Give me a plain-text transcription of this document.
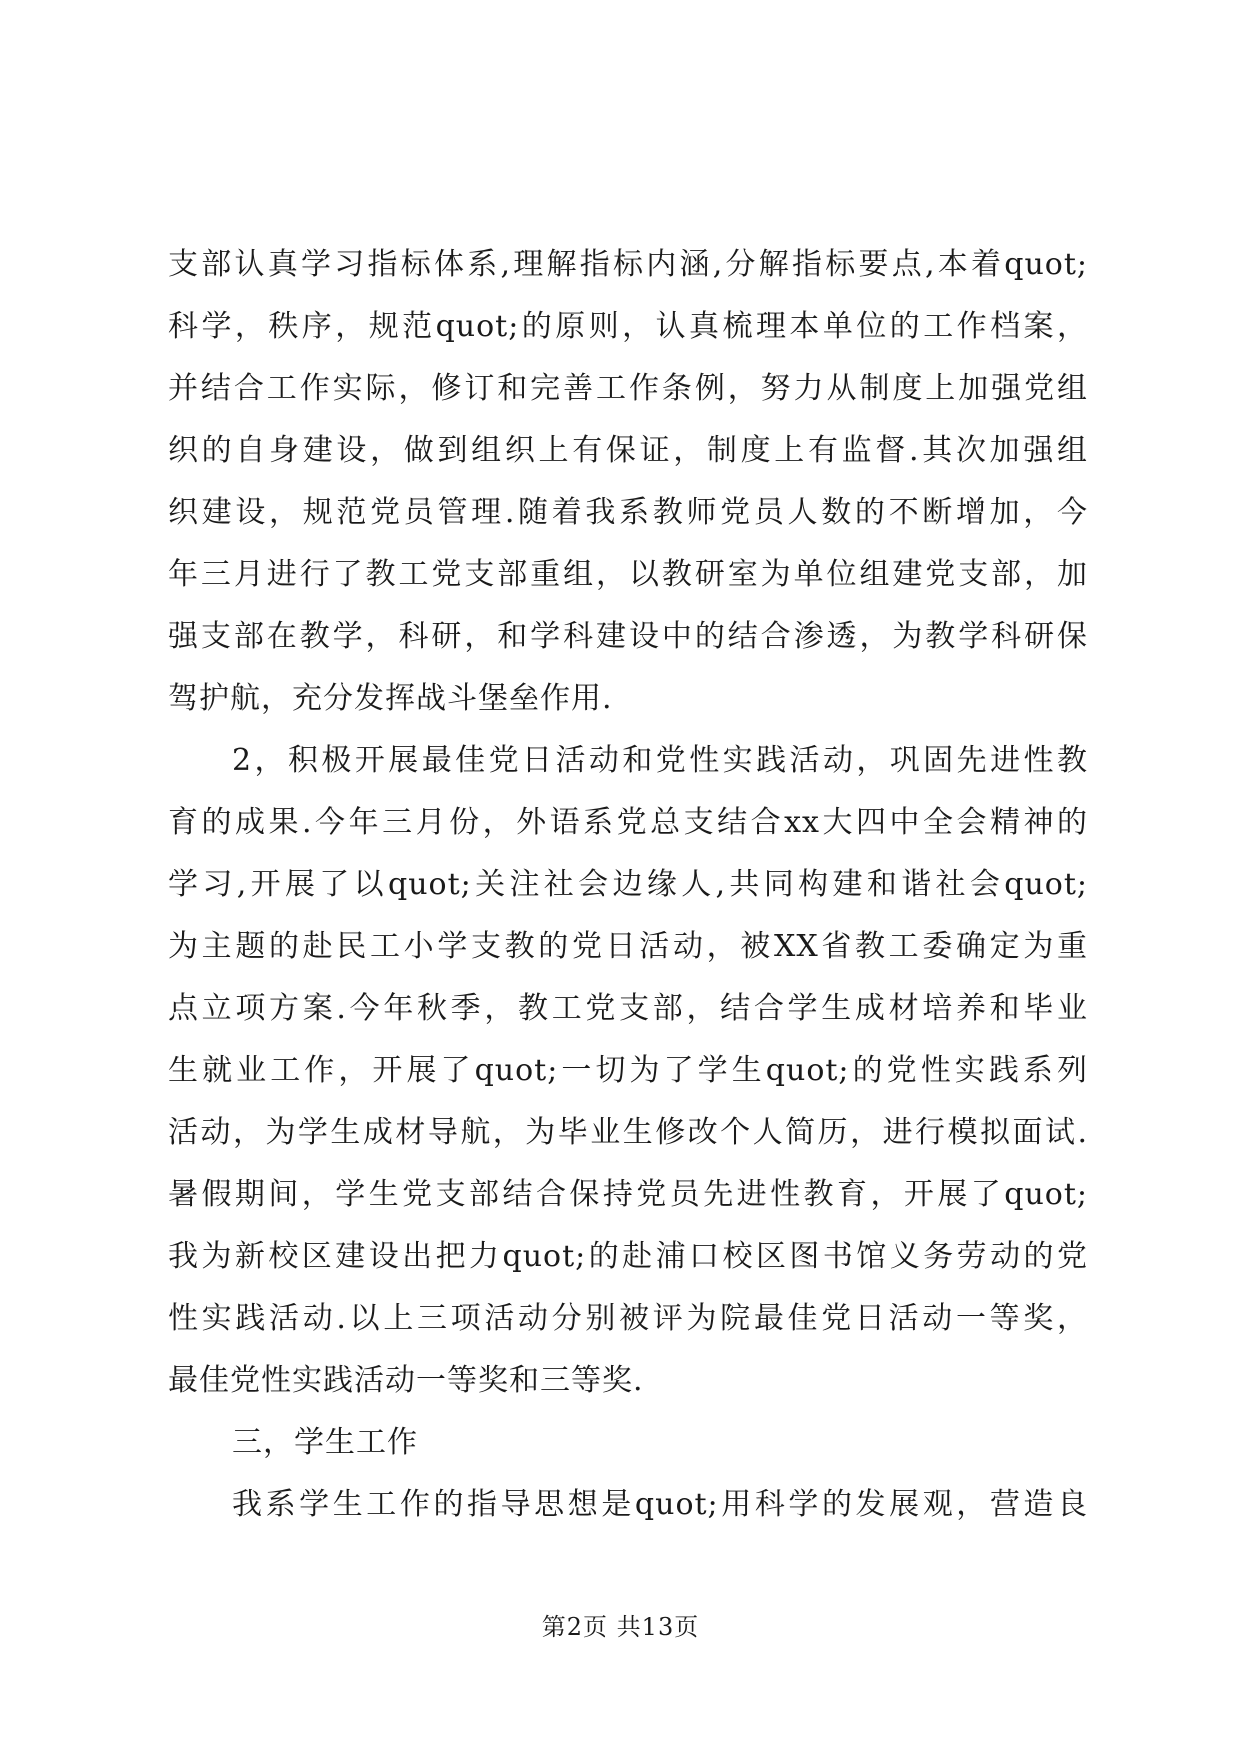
支部认真学习指标体系,理解指标内涵,分解指标要点,本着quot;
科学，秩序，规范quot;的原则，认真梳理本单位的工作档案，
并结合工作实际，修订和完善工作条例，努力从制度上加强党组
织的自身建设，做到组织上有保证，制度上有监督.其次加强组
织建设，规范党员管理.随着我系教师党员人数的不断增加，今
年三月进行了教工党支部重组，以教研室为单位组建党支部，加
强支部在教学，科研，和学科建设中的结合渗透，为教学科研保
驾护航，充分发挥战斗堡垒作用.
2，积极开展最佳党日活动和党性实践活动，巩固先进性教
育的成果.今年三月份，外语系党总支结合xx大四中全会精神的
学习,开展了以quot;关注社会边缘人,共同构建和谐社会quot;
为主题的赴民工小学支教的党日活动，被XX省教工委确定为重
点立项方案.今年秋季，教工党支部，结合学生成材培养和毕业
生就业工作，开展了quot;一切为了学生quot;的党性实践系列
活动，为学生成材导航，为毕业生修改个人简历，进行模拟面试.
暑假期间，学生党支部结合保持党员先进性教育，开展了quot;
我为新校区建设出把力quot;的赴浦口校区图书馆义务劳动的党
性实践活动.以上三项活动分别被评为院最佳党日活动一等奖，
最佳党性实践活动一等奖和三等奖.
三，学生工作
我系学生工作的指导思想是quot;用科学的发展观，营造良
第2页 共13页
